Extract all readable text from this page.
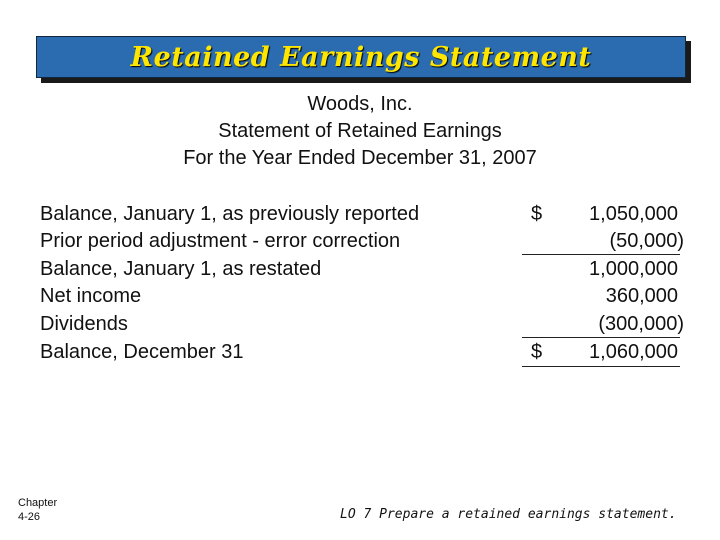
Retained Earnings Statement
Woods, Inc.
Statement of Retained Earnings
For the Year Ended December 31, 2007
Balance, January 1, as previously reported	$ 1,050,000
Prior period adjustment - error correction	(50,000)
Balance, January 1, as restated	1,000,000
Net income	360,000
Dividends	(300,000)
Balance, December 31	$ 1,060,000
Chapter
4-26	LO 7 Prepare a retained earnings statement.
